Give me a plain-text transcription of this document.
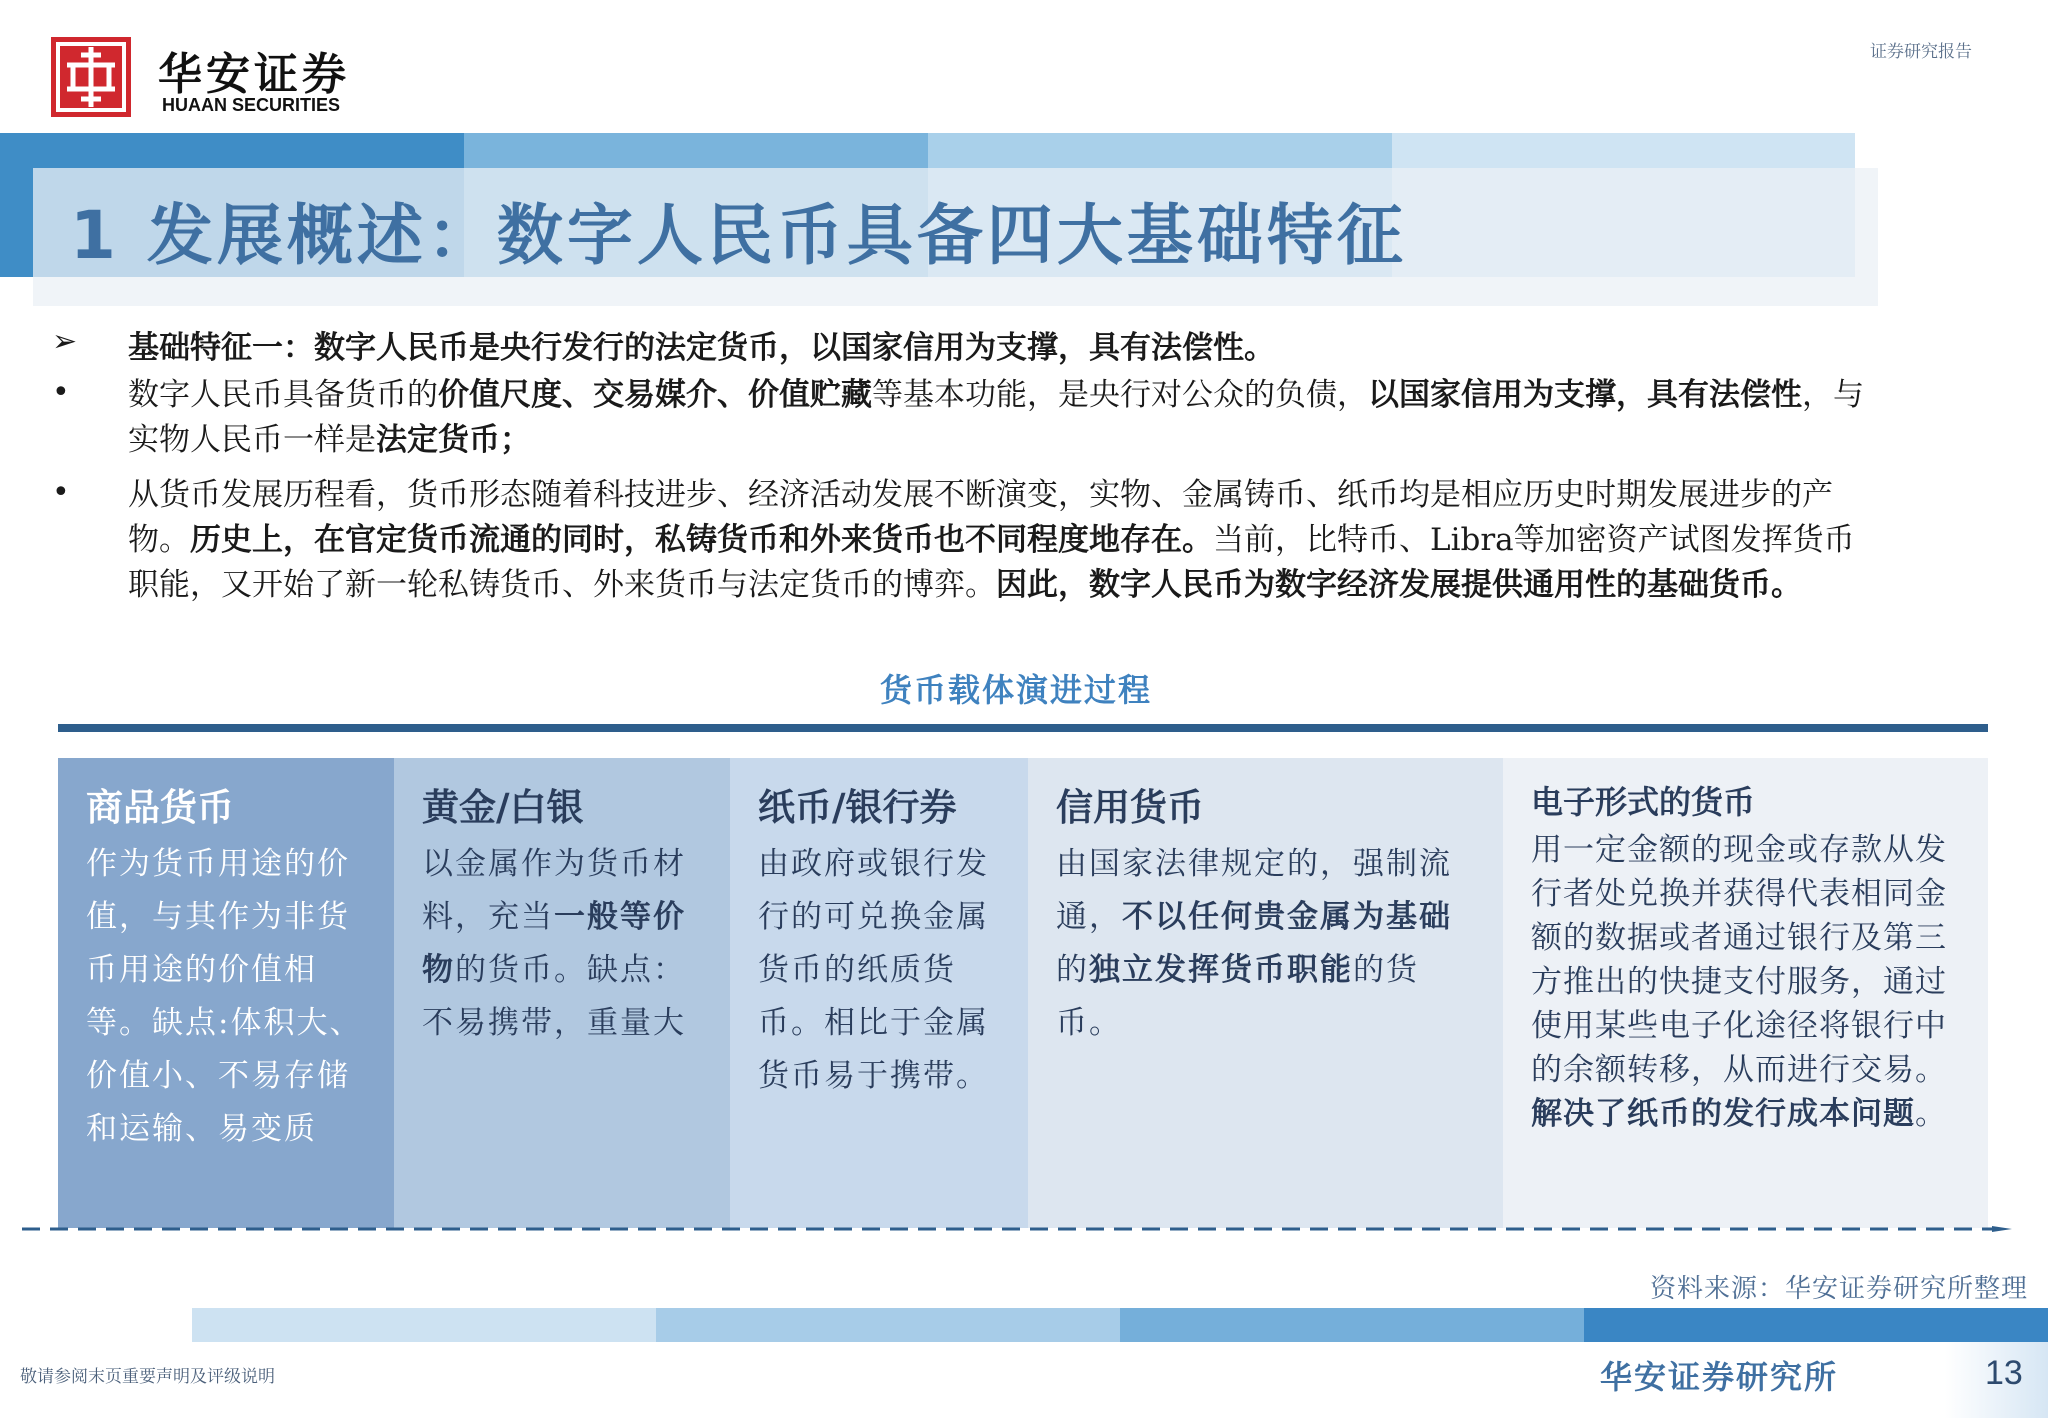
华安证券
HUAAN SECURITIES
证券研究报告
1 发展概述：数字人民币具备四大基础特征
➢ 基础特征一：数字人民币是央行发行的法定货币，以国家信用为支撑，具有法偿性。
• 数字人民币具备货币的价值尺度、交易媒介、价值贮藏等基本功能，是央行对公众的负债，以国家信用为支撑，具有法偿性，与实物人民币一样是法定货币；
• 从货币发展历程看，货币形态随着科技进步、经济活动发展不断演变，实物、金属铸币、纸币均是相应历史时期发展进步的产物。历史上，在官定货币流通的同时，私铸货币和外来货币也不同程度地存在。当前，比特币、Libra等加密资产试图发挥货币职能，又开始了新一轮私铸货币、外来货币与法定货币的博弈。因此，数字人民币为数字经济发展提供通用性的基础货币。
货币载体演进过程
商品货币
作为货币用途的价值，与其作为非货币用途的价值相等。缺点:体积大、价值小、不易存储和运输、易变质
黄金/白银
以金属作为货币材料，充当一般等价物的货币。缺点：不易携带，重量大
纸币/银行券
由政府或银行发行的可兑换金属货币的纸质货币。相比于金属货币易于携带。
信用货币
由国家法律规定的，强制流通，不以任何贵金属为基础的独立发挥货币职能的货币。
电子形式的货币
用一定金额的现金或存款从发行者处兑换并获得代表相同金额的数据或者通过银行及第三方推出的快捷支付服务，通过使用某些电子化途径将银行中的余额转移，从而进行交易。解决了纸币的发行成本问题。
资料来源：华安证券研究所整理
敬请参阅末页重要声明及评级说明	华安证券研究所	13
